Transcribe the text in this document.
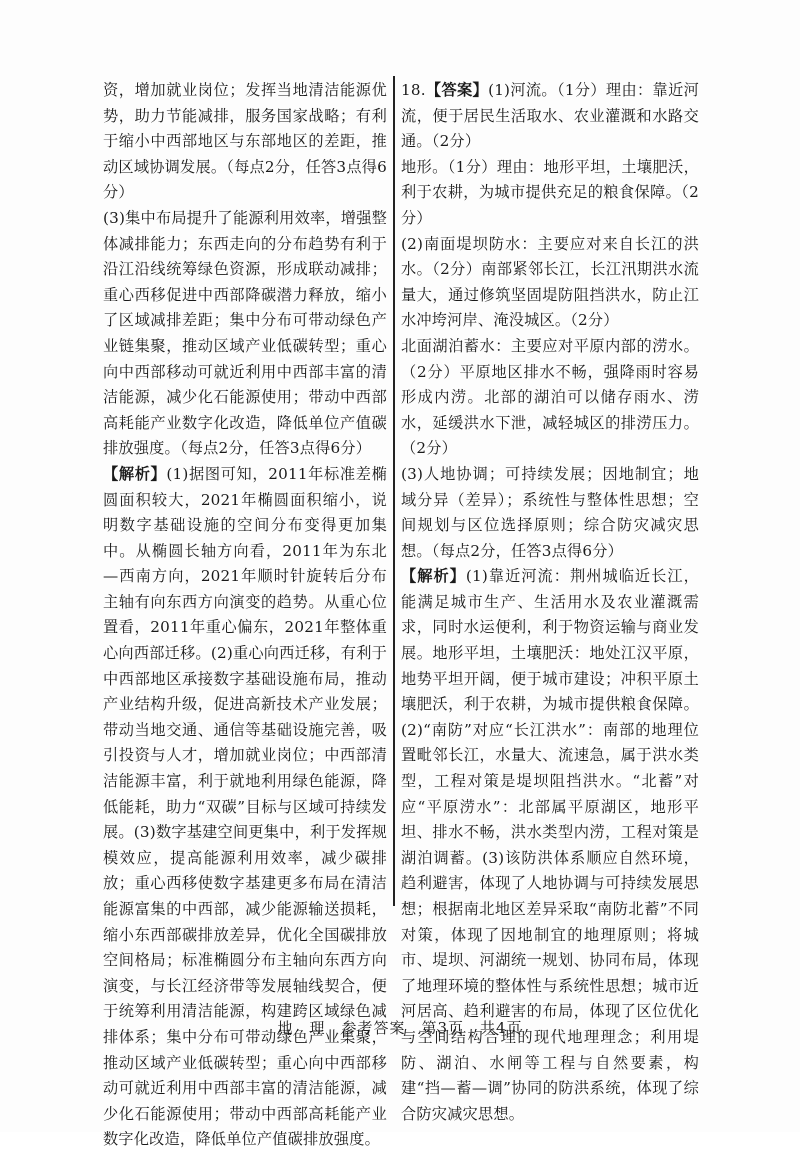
资，增加就业岗位；发挥当地清洁能源优势，助力节能减排，服务国家战略；有利于缩小中西部地区与东部地区的差距，推动区域协调发展。（每点2分，任答3点得6分）

(3)集中布局提升了能源利用效率，增强整体减排能力；东西走向的分布趋势有利于沿江沿线统筹绿色资源，形成联动减排；重心西移促进中西部降碳潜力释放，缩小了区域减排差距；集中分布可带动绿色产业链集聚，推动区域产业低碳转型；重心向中西部移动可就近利用中西部丰富的清洁能源，减少化石能源使用；带动中西部高耗能产业数字化改造，降低单位产值碳排放强度。（每点2分，任答3点得6分）

【解析】(1)据图可知，2011年标准差椭圆面积较大，2021年椭圆面积缩小，说明数字基础设施的空间分布变得更加集中。从椭圆长轴方向看，2011年为东北—西南方向，2021年顺时针旋转后分布主轴有向东西方向演变的趋势。从重心位置看，2011年重心偏东，2021年整体重心向西部迁移。(2)重心向西迁移，有利于中西部地区承接数字基础设施布局，推动产业结构升级，促进高新技术产业发展；带动当地交通、通信等基础设施完善，吸引投资与人才，增加就业岗位；中西部清洁能源丰富，利于就地利用绿色能源，降低能耗，助力“双碳”目标与区域可持续发展。(3)数字基建空间更集中，利于发挥规模效应，提高能源利用效率，减少碳排放；重心西移使数字基建更多布局在清洁能源富集的中西部，减少能源输送损耗，缩小东西部碳排放差异，优化全国碳排放空间格局；标准椭圆分布主轴向东西方向演变，与长江经济带等发展轴线契合，便于统筹利用清洁能源，构建跨区域绿色减排体系；集中分布可带动绿色产业集聚，推动区域产业低碳转型；重心向中西部移动可就近利用中西部丰富的清洁能源，减少化石能源使用；带动中西部高耗能产业数字化改造，降低单位产值碳排放强度。

18.【答案】(1)河流。（1分）理由：靠近河流，便于居民生活取水、农业灌溉和水路交通。（2分）

地形。（1分）理由：地形平坦，土壤肥沃，利于农耕，为城市提供充足的粮食保障。（2分）

(2)南面堤坝防水：主要应对来自长江的洪水。（2分）南部紧邻长江，长江汛期洪水流量大，通过修筑坚固堤防阻挡洪水，防止江水冲垮河岸、淹没城区。（2分）

北面湖泊蓄水：主要应对平原内部的涝水。（2分）平原地区排水不畅，强降雨时容易形成内涝。北部的湖泊可以储存雨水、涝水，延缓洪水下泄，减轻城区的排涝压力。（2分）

(3)人地协调；可持续发展；因地制宜；地域分异（差异）；系统性与整体性思想；空间规划与区位选择原则；综合防灾减灾思想。（每点2分，任答3点得6分）

【解析】(1)靠近河流：荆州城临近长江，能满足城市生产、生活用水及农业灌溉需求，同时水运便利，利于物资运输与商业发展。地形平坦，土壤肥沃：地处江汉平原，地势平坦开阔，便于城市建设；冲积平原土壤肥沃，利于农耕，为城市提供粮食保障。(2)“南防”对应“长江洪水”：南部的地理位置毗邻长江，水量大、流速急，属于洪水类型，工程对策是堤坝阻挡洪水。“北蓄”对应“平原涝水”：北部属平原湖区，地形平坦、排水不畅，洪水类型内涝，工程对策是湖泊调蓄。(3)该防洪体系顺应自然环境，趋利避害，体现了人地协调与可持续发展思想；根据南北地区差异采取“南防北蓄”不同对策，体现了因地制宜的地理原则；将城市、堤坝、河湖统一规划、协同布局，体现了地理环境的整体性与系统性思想；城市近河居高、趋利避害的布局，体现了区位优化与空间结构合理的现代地理理念；利用堤防、湖泊、水闸等工程与自然要素，构建“挡—蓄—调”协同的防洪系统，体现了综合防灾减灾思想。

地　理　参考答案　第3页　共4页
